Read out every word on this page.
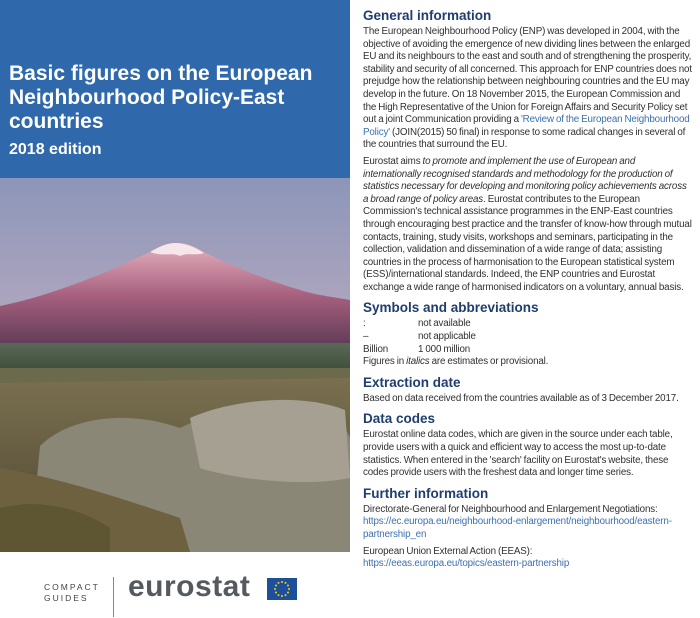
Basic figures on the European Neighbourhood Policy-East countries
2018 edition
COMPACT
GUIDES	eurostat
General information

The European Neighbourhood Policy (ENP) was developed in 2004, with the objective of avoiding the emergence of new dividing lines between the enlarged EU and its neighbours to the east and south and of strengthening the prosperity, stability and security of all concerned. This approach for ENP countries does not prejudge how the relationship between neighbouring countries and the EU may develop in the future. On 18 November 2015, the European Commission and the High Representative of the Union for Foreign Affairs and Security Policy set out a joint Communication providing a 'Review of the European Neighbourhood Policy' (JOIN(2015) 50 final) in response to some radical changes in several of the countries that surround the EU.

Eurostat aims to promote and implement the use of European and internationally recognised standards and methodology for the production of statistics necessary for developing and monitoring policy achievements across a broad range of policy areas. Eurostat contributes to the European Commission's technical assistance programmes in the ENP-East countries through encouraging best practice and the transfer of know-how through mutual contacts, training, study visits, workshops and seminars, participating in the collection, validation and dissemination of a wide range of data; assisting countries in the process of harmonisation to the European statistical system (ESS)/international standards. Indeed, the ENP countries and Eurostat exchange a wide range of harmonised indicators on a voluntary, annual basis.

Symbols and abbreviations
:	not available
–	not applicable
Billion	1 000 million

Figures in italics are estimates or provisional.

Extraction date

Based on data received from the countries available as of 3 December 2017.

Data codes

Eurostat online data codes, which are given in the source under each table, provide users with a quick and efficient way to access the most up-to-date statistics. When entered in the 'search' facility on Eurostat's website, these codes provide users with the freshest data and longer time series.

Further information

Directorate-General for Neighbourhood and Enlargement Negotiations:

https://ec.europa.eu/neighbourhood-enlargement/neighbourhood/eastern-partnership_en

European Union External Action (EEAS):

https://eeas.europa.eu/topics/eastern-partnership
